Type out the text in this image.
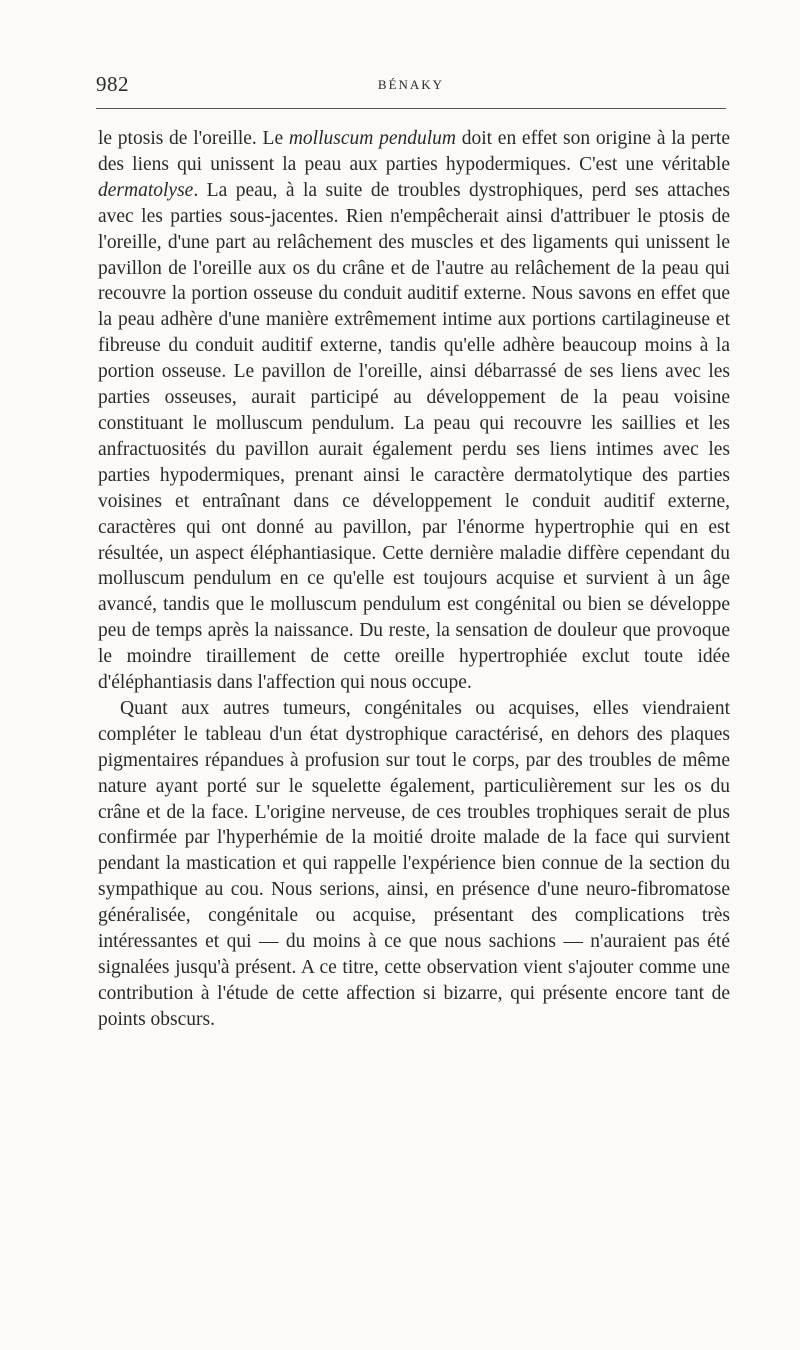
982	BÉNAKY

le ptosis de l'oreille. Le molluscum pendulum doit en effet son origine à la perte des liens qui unissent la peau aux parties hypodermiques. C'est une véritable dermatolyse. La peau, à la suite de troubles dystrophiques, perd ses attaches avec les parties sous-jacentes. Rien n'empêcherait ainsi d'attribuer le ptosis de l'oreille, d'une part au relâchement des muscles et des ligaments qui unissent le pavillon de l'oreille aux os du crâne et de l'autre au relâchement de la peau qui recouvre la portion osseuse du conduit auditif externe. Nous savons en effet que la peau adhère d'une manière extrêmement intime aux portions cartilagineuse et fibreuse du conduit auditif externe, tandis qu'elle adhère beaucoup moins à la portion osseuse. Le pavillon de l'oreille, ainsi débarrassé de ses liens avec les parties osseuses, aurait participé au développement de la peau voisine constituant le molluscum pendulum. La peau qui recouvre les saillies et les anfractuosités du pavillon aurait également perdu ses liens intimes avec les parties hypodermiques, prenant ainsi le caractère dermatolytique des parties voisines et entraînant dans ce développement le conduit auditif externe, caractères qui ont donné au pavillon, par l'énorme hypertrophie qui en est résultée, un aspect éléphantiasique. Cette dernière maladie diffère cependant du molluscum pendulum en ce qu'elle est toujours acquise et survient à un âge avancé, tandis que le molluscum pendulum est congénital ou bien se développe peu de temps après la naissance. Du reste, la sensation de douleur que provoque le moindre tiraillement de cette oreille hypertrophiée exclut toute idée d'éléphantiasis dans l'affection qui nous occupe.

Quant aux autres tumeurs, congénitales ou acquises, elles viendraient compléter le tableau d'un état dystrophique caractérisé, en dehors des plaques pigmentaires répandues à profusion sur tout le corps, par des troubles de même nature ayant porté sur le squelette également, particulièrement sur les os du crâne et de la face. L'origine nerveuse, de ces troubles trophiques serait de plus confirmée par l'hyperhémie de la moitié droite malade de la face qui survient pendant la mastication et qui rappelle l'expérience bien connue de la section du sympathique au cou. Nous serions, ainsi, en présence d'une neuro-fibromatose généralisée, congénitale ou acquise, présentant des complications très intéressantes et qui — du moins à ce que nous sachions — n'auraient pas été signalées jusqu'à présent. A ce titre, cette observation vient s'ajouter comme une contribution à l'étude de cette affection si bizarre, qui présente encore tant de points obscurs.
